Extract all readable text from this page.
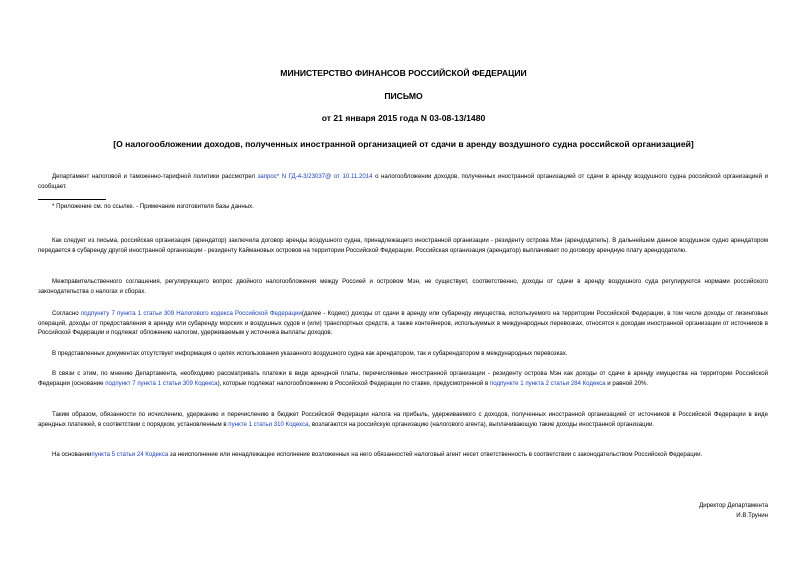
МИНИСТЕРСТВО ФИНАНСОВ РОССИЙСКОЙ ФЕДЕРАЦИИ
ПИСЬМО
от 21 января 2015 года N 03-08-13/1480
[О налогообложении доходов, полученных иностранной организацией от сдачи в аренду воздушного судна российской организацией]
Департамент налоговой и таможенно-тарифной политики рассмотрел запрос* N ГД-4-3/23037@ от 10.11.2014 о налогообложении доходов, полученных иностранной организацией от сдачи в аренду воздушного судна российской организацией и сообщает.
* Приложение см. по ссылке. - Примечание изготовителя базы данных.
Как следует из письма, российская организация (арендатор) заключила договор аренды воздушного судна, принадлежащего иностранной организации - резиденту острова Мэн (арендодатель). В дальнейшем данное воздушное судно арендатором передается в субаренду другой иностранной организации - резиденту Каймановых островов на территории Российской Федерации. Российская организация (арендатор) выплачивает по договору арендную плату арендодателю.
Межправительственного соглашения, регулирующего вопрос двойного налогообложения между Россией и островом Мэн, не существует, соответственно, доходы от сдачи в аренду воздушного суда регулируются нормами российского законодательства о налогах и сборах.
Согласно подпункту 7 пункта 1 статьи 309 Налогового кодекса Российской Федерации(далее - Кодекс) доходы от сдачи в аренду или субаренду имущества, используемого на территории Российской Федерации, в том числе доходы от лизинговых операций, доходы от предоставления в аренду или субаренду морских и воздушных судов и (или) транспортных средств, а также контейнеров, используемых в международных перевозках, относятся к доходам иностранной организации от источников в Российской Федерации и подлежат обложению налогом, удерживаемым у источника выплаты доходов.
В представленных документах отсутствует информация о целях использования указанного воздушного судна как арендатором, так и субарендатором в международных перевозках.
В связи с этим, по мнению Департамента, необходимо рассматривать платежи в виде арендной платы, перечисляемые иностранной организации - резиденту острова Мэн как доходы от сдачи в аренду имущества на территории Российской Федерации (основание подпункт 7 пункта 1 статьи 309 Кодекса), которые подлежат налогообложению в Российской Федерации по ставке, предусмотренной в подпункте 1 пункта 2 статьи 284 Кодекса и равной 20%.
Таким образом, обязанности по исчислению, удержанию и перечислению в бюджет Российской Федерации налога на прибыль, удерживаемого с доходов, полученных иностранной организацией от источников в Российской Федерации в виде арендных платежей, в соответствии с порядком, установленным в пункте 1 статьи 310 Кодекса, возлагаются на российскую организацию (налогового агента), выплачивающую такие доходы иностранной организации.
На основаниипункта 5 статьи 24 Кодекса за неисполнение или ненадлежащее исполнение возложенных на него обязанностей налоговый агент несет ответственность в соответствии с законодательством Российской Федерации.
Директор Департамента
И.В.Трунин
